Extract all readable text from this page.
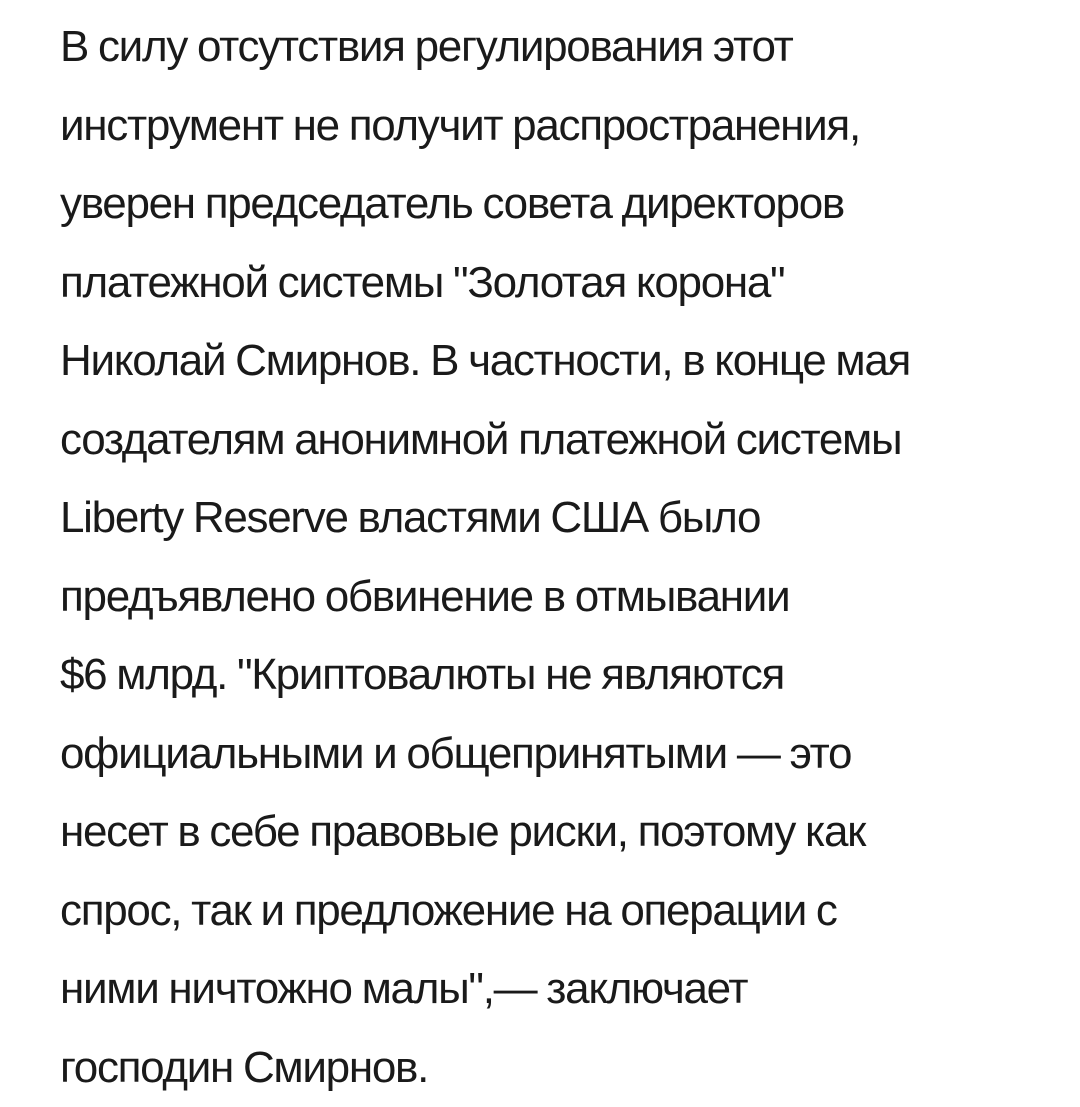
В силу отсутствия регулирования этот
инструмент не получит распространения,
уверен председатель совета директоров
платежной системы "Золотая корона"
Николай Смирнов. В частности, в конце мая
создателям анонимной платежной системы
Liberty Reserve властями США было
предъявлено обвинение в отмывании
$6 млрд. "Криптовалюты не являются
официальными и общепринятыми — это
несет в себе правовые риски, поэтому как
спрос, так и предложение на операции с
ними ничтожно малы",— заключает
господин Смирнов.
